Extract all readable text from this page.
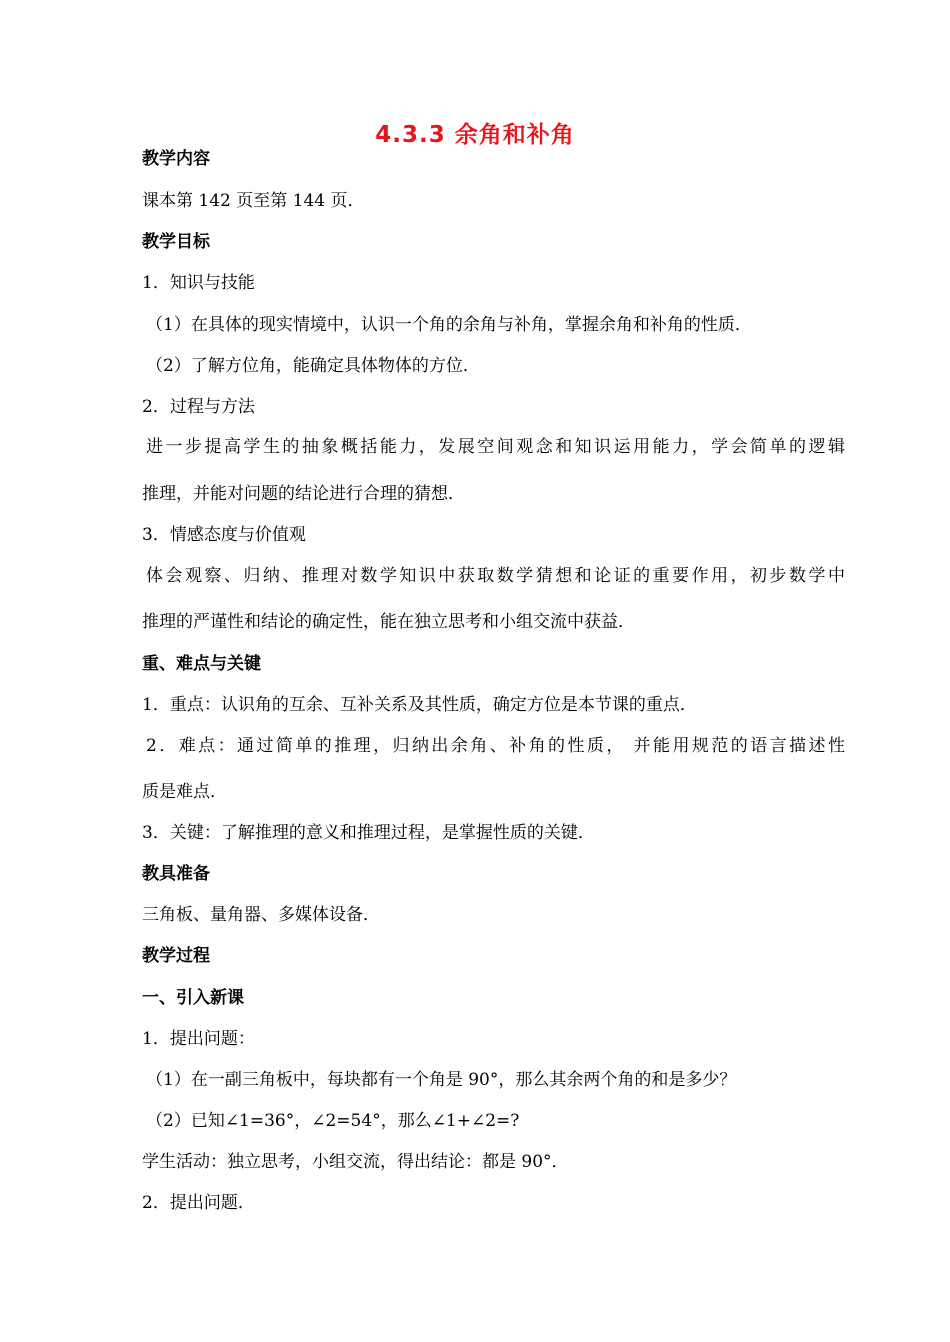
4.3.3 余角和补角
教学内容
课本第 142 页至第 144 页．
教学目标
1．知识与技能
（1）在具体的现实情境中，认识一个角的余角与补角，掌握余角和补角的性质．
（2）了解方位角，能确定具体物体的方位．
2．过程与方法
进一步提高学生的抽象概括能力，发展空间观念和知识运用能力，学会简单的逻辑
推理，并能对问题的结论进行合理的猜想．
3．情感态度与价值观
体会观察、归纳、推理对数学知识中获取数学猜想和论证的重要作用，初步数学中
推理的严谨性和结论的确定性，能在独立思考和小组交流中获益．
重、难点与关键
1．重点：认识角的互余、互补关系及其性质，确定方位是本节课的重点．
2．难点：通过简单的推理，归纳出余角、补角的性质， 并能用规范的语言描述性
质是难点．
3．关键：了解推理的意义和推理过程，是掌握性质的关键．
教具准备
三角板、量角器、多媒体设备．
教学过程
一、引入新课
1．提出问题：
（1）在一副三角板中，每块都有一个角是 90°，那么其余两个角的和是多少？
（2）已知∠1=36°，∠2=54°，那么∠1+∠2=?
学生活动：独立思考，小组交流，得出结论：都是 90°．
2．提出问题．
